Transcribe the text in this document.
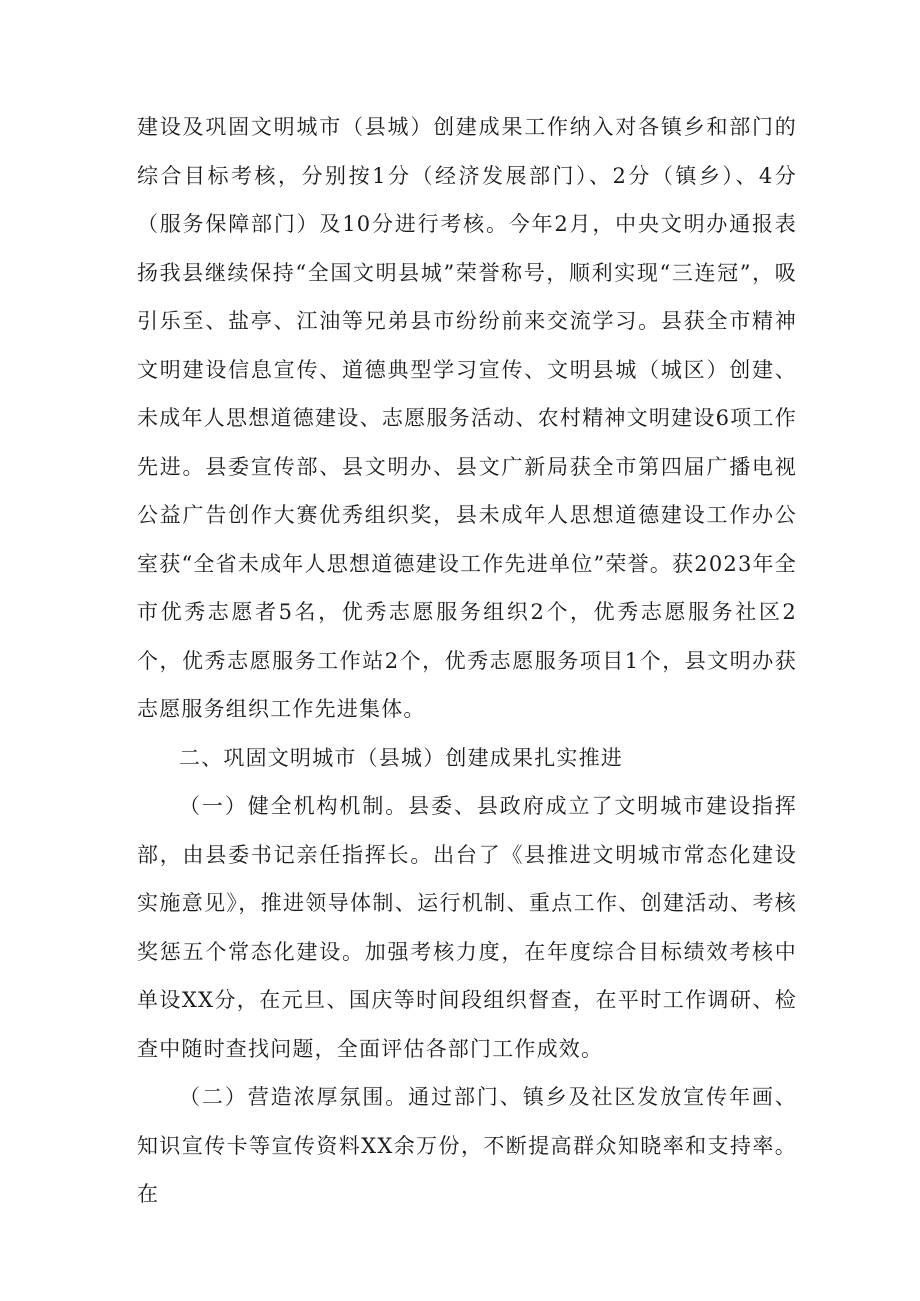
建设及巩固文明城市（县城）创建成果工作纳入对各镇乡和部门的综合目标考核，分别按1分（经济发展部门）、2分（镇乡）、4分（服务保障部门）及10分进行考核。今年2月，中央文明办通报表扬我县继续保持“全国文明县城”荣誉称号，顺利实现“三连冠”，吸引乐至、盐亭、江油等兄弟县市纷纷前来交流学习。县获全市精神文明建设信息宣传、道德典型学习宣传、文明县城（城区）创建、未成年人思想道德建设、志愿服务活动、农村精神文明建设6项工作先进。县委宣传部、县文明办、县文广新局获全市第四届广播电视公益广告创作大赛优秀组织奖，县未成年人思想道德建设工作办公室获“全省未成年人思想道德建设工作先进单位”荣誉。获2023年全市优秀志愿者5名，优秀志愿服务组织2个，优秀志愿服务社区2个，优秀志愿服务工作站2个，优秀志愿服务项目1个，县文明办获志愿服务组织工作先进集体。

二、巩固文明城市（县城）创建成果扎实推进

（一）健全机构机制。县委、县政府成立了文明城市建设指挥部，由县委书记亲任指挥长。出台了《县推进文明城市常态化建设实施意见》，推进领导体制、运行机制、重点工作、创建活动、考核奖惩五个常态化建设。加强考核力度，在年度综合目标绩效考核中单设XX分，在元旦、国庆等时间段组织督查，在平时工作调研、检查中随时查找问题，全面评估各部门工作成效。

（二）营造浓厚氛围。通过部门、镇乡及社区发放宣传年画、知识宣传卡等宣传资料XX余万份，不断提高群众知晓率和支持率。在
